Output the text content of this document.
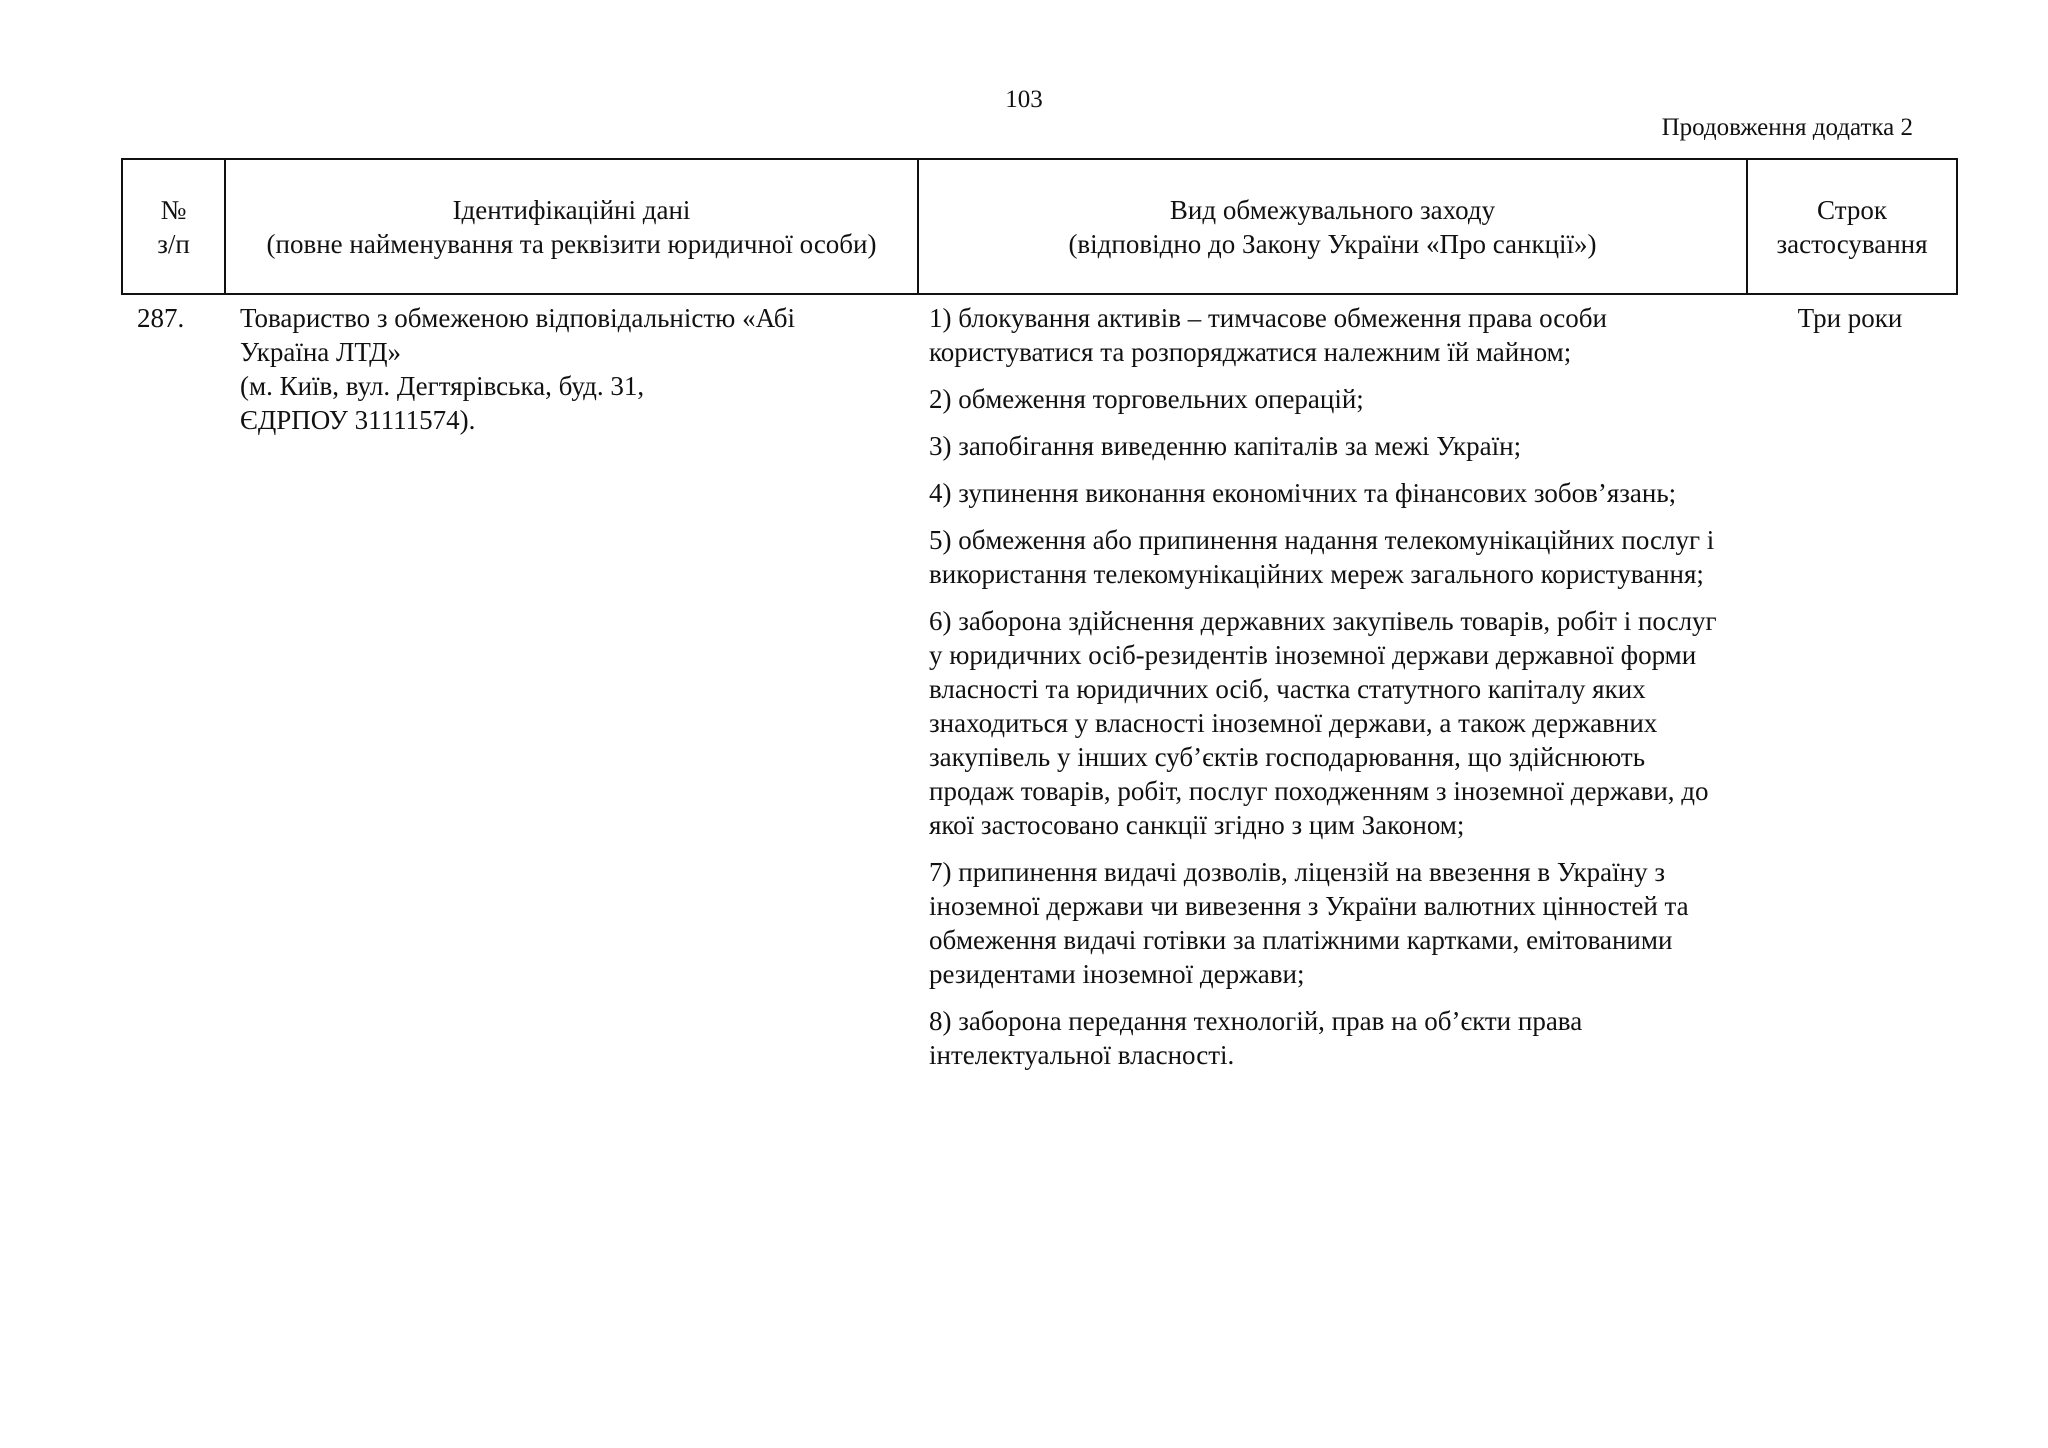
103
Продовження додатка 2
№
з/п
Ідентифікаційні дані
(повне найменування та реквізити юридичної особи)
Вид обмежувального заходу
(відповідно до Закону України «Про санкції»)
Строк
застосування
287.	Товариство з обмеженою відповідальністю «Абі
Україна ЛТД»
(м. Київ, вул. Дегтярівська, буд. 31,
ЄДРПОУ 31111574).

1) блокування активів – тимчасове обмеження права особи користуватися та розпоряджатися належним їй майном;

2) обмеження торговельних операцій;

3) запобігання виведенню капіталів за межі Україн;

4) зупинення виконання економічних та фінансових зобов’язань;

5) обмеження або припинення надання телекомунікаційних послуг і використання телекомунікаційних мереж загального користування;

6) заборона здійснення державних закупівель товарів, робіт і послуг у юридичних осіб-резидентів іноземної держави державної форми власності та юридичних осіб, частка статутного капіталу яких знаходиться у власності іноземної держави, а також державних закупівель у інших суб’єктів господарювання, що здійснюють продаж товарів, робіт, послуг походженням з іноземної держави, до якої застосовано санкції згідно з цим Законом;

7) припинення видачі дозволів, ліцензій на ввезення в Україну з іноземної держави чи вивезення з України валютних цінностей та обмеження видачі готівки за платіжними картками, емітованими резидентами іноземної держави;

8) заборона передання технологій, прав на об’єкти права інтелектуальної власності.

Три роки
